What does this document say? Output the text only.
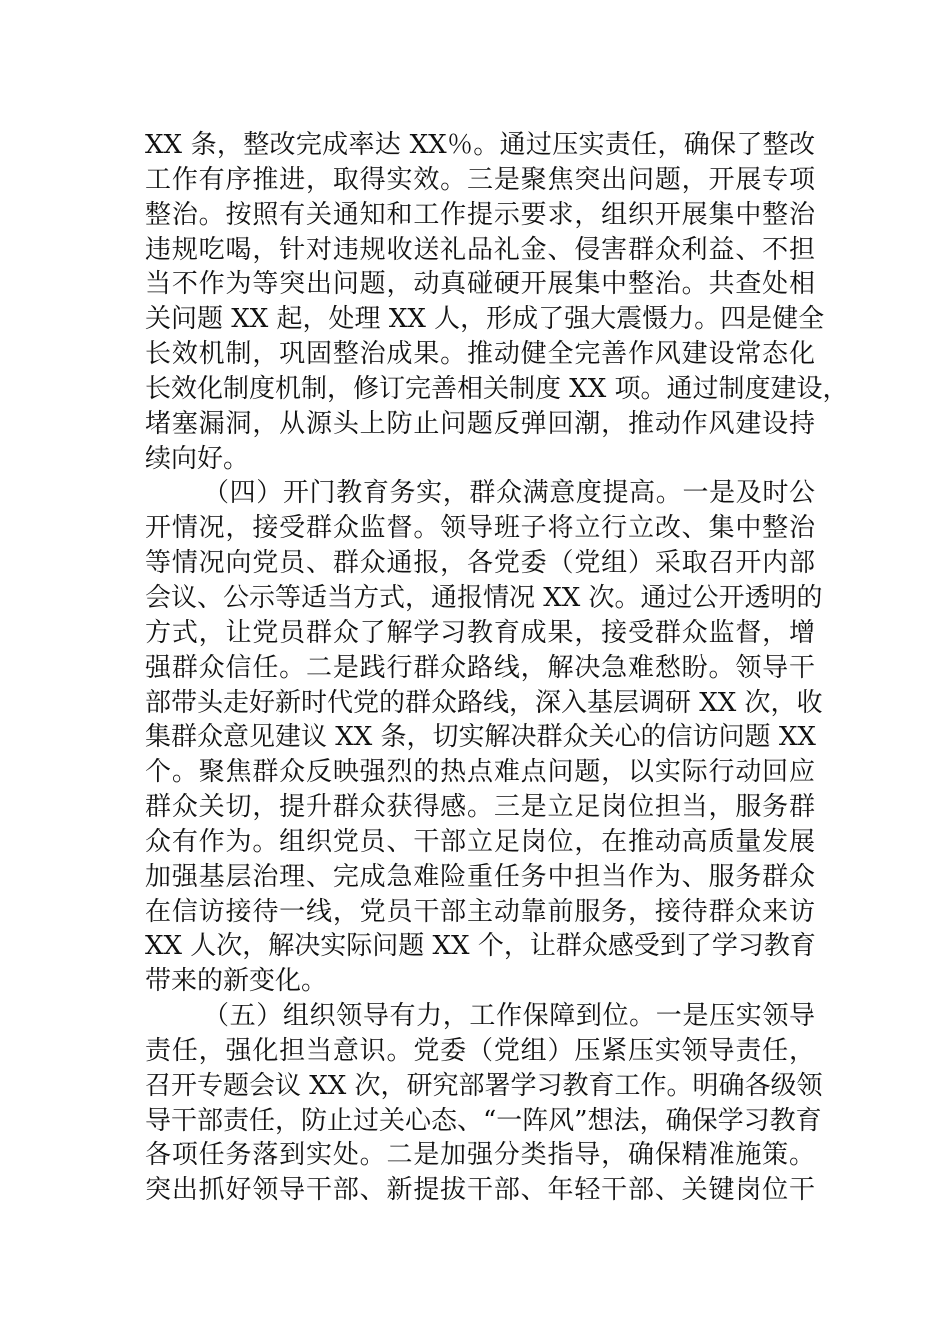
XX 条，整改完成率达 XX％。通过压实责任，确保了整改
工作有序推进，取得实效。三是聚焦突出问题，开展专项
整治。按照有关通知和工作提示要求，组织开展集中整治
违规吃喝，针对违规收送礼品礼金、侵害群众利益、不担
当不作为等突出问题，动真碰硬开展集中整治。共查处相
关问题 XX 起，处理 XX 人，形成了强大震慑力。四是健全
长效机制，巩固整治成果。推动健全完善作风建设常态化
长效化制度机制，修订完善相关制度 XX 项。通过制度建设，
堵塞漏洞，从源头上防止问题反弹回潮，推动作风建设持
续向好。
（四）开门教育务实，群众满意度提高。一是及时公
开情况，接受群众监督。领导班子将立行立改、集中整治
等情况向党员、群众通报，各党委（党组）采取召开内部
会议、公示等适当方式，通报情况 XX 次。通过公开透明的
方式，让党员群众了解学习教育成果，接受群众监督，增
强群众信任。二是践行群众路线，解决急难愁盼。领导干
部带头走好新时代党的群众路线，深入基层调研 XX 次，收
集群众意见建议 XX 条，切实解决群众关心的信访问题 XX
个。聚焦群众反映强烈的热点难点问题，以实际行动回应
群众关切，提升群众获得感。三是立足岗位担当，服务群
众有作为。组织党员、干部立足岗位，在推动高质量发展
加强基层治理、完成急难险重任务中担当作为、服务群众
在信访接待一线，党员干部主动靠前服务，接待群众来访
XX 人次，解决实际问题 XX 个，让群众感受到了学习教育
带来的新变化。
（五）组织领导有力，工作保障到位。一是压实领导
责任，强化担当意识。党委（党组）压紧压实领导责任，
召开专题会议 XX 次，研究部署学习教育工作。明确各级领
导干部责任，防止过关心态、“一阵风”想法，确保学习教育
各项任务落到实处。二是加强分类指导，确保精准施策。
突出抓好领导干部、新提拔干部、年轻干部、关键岗位干
